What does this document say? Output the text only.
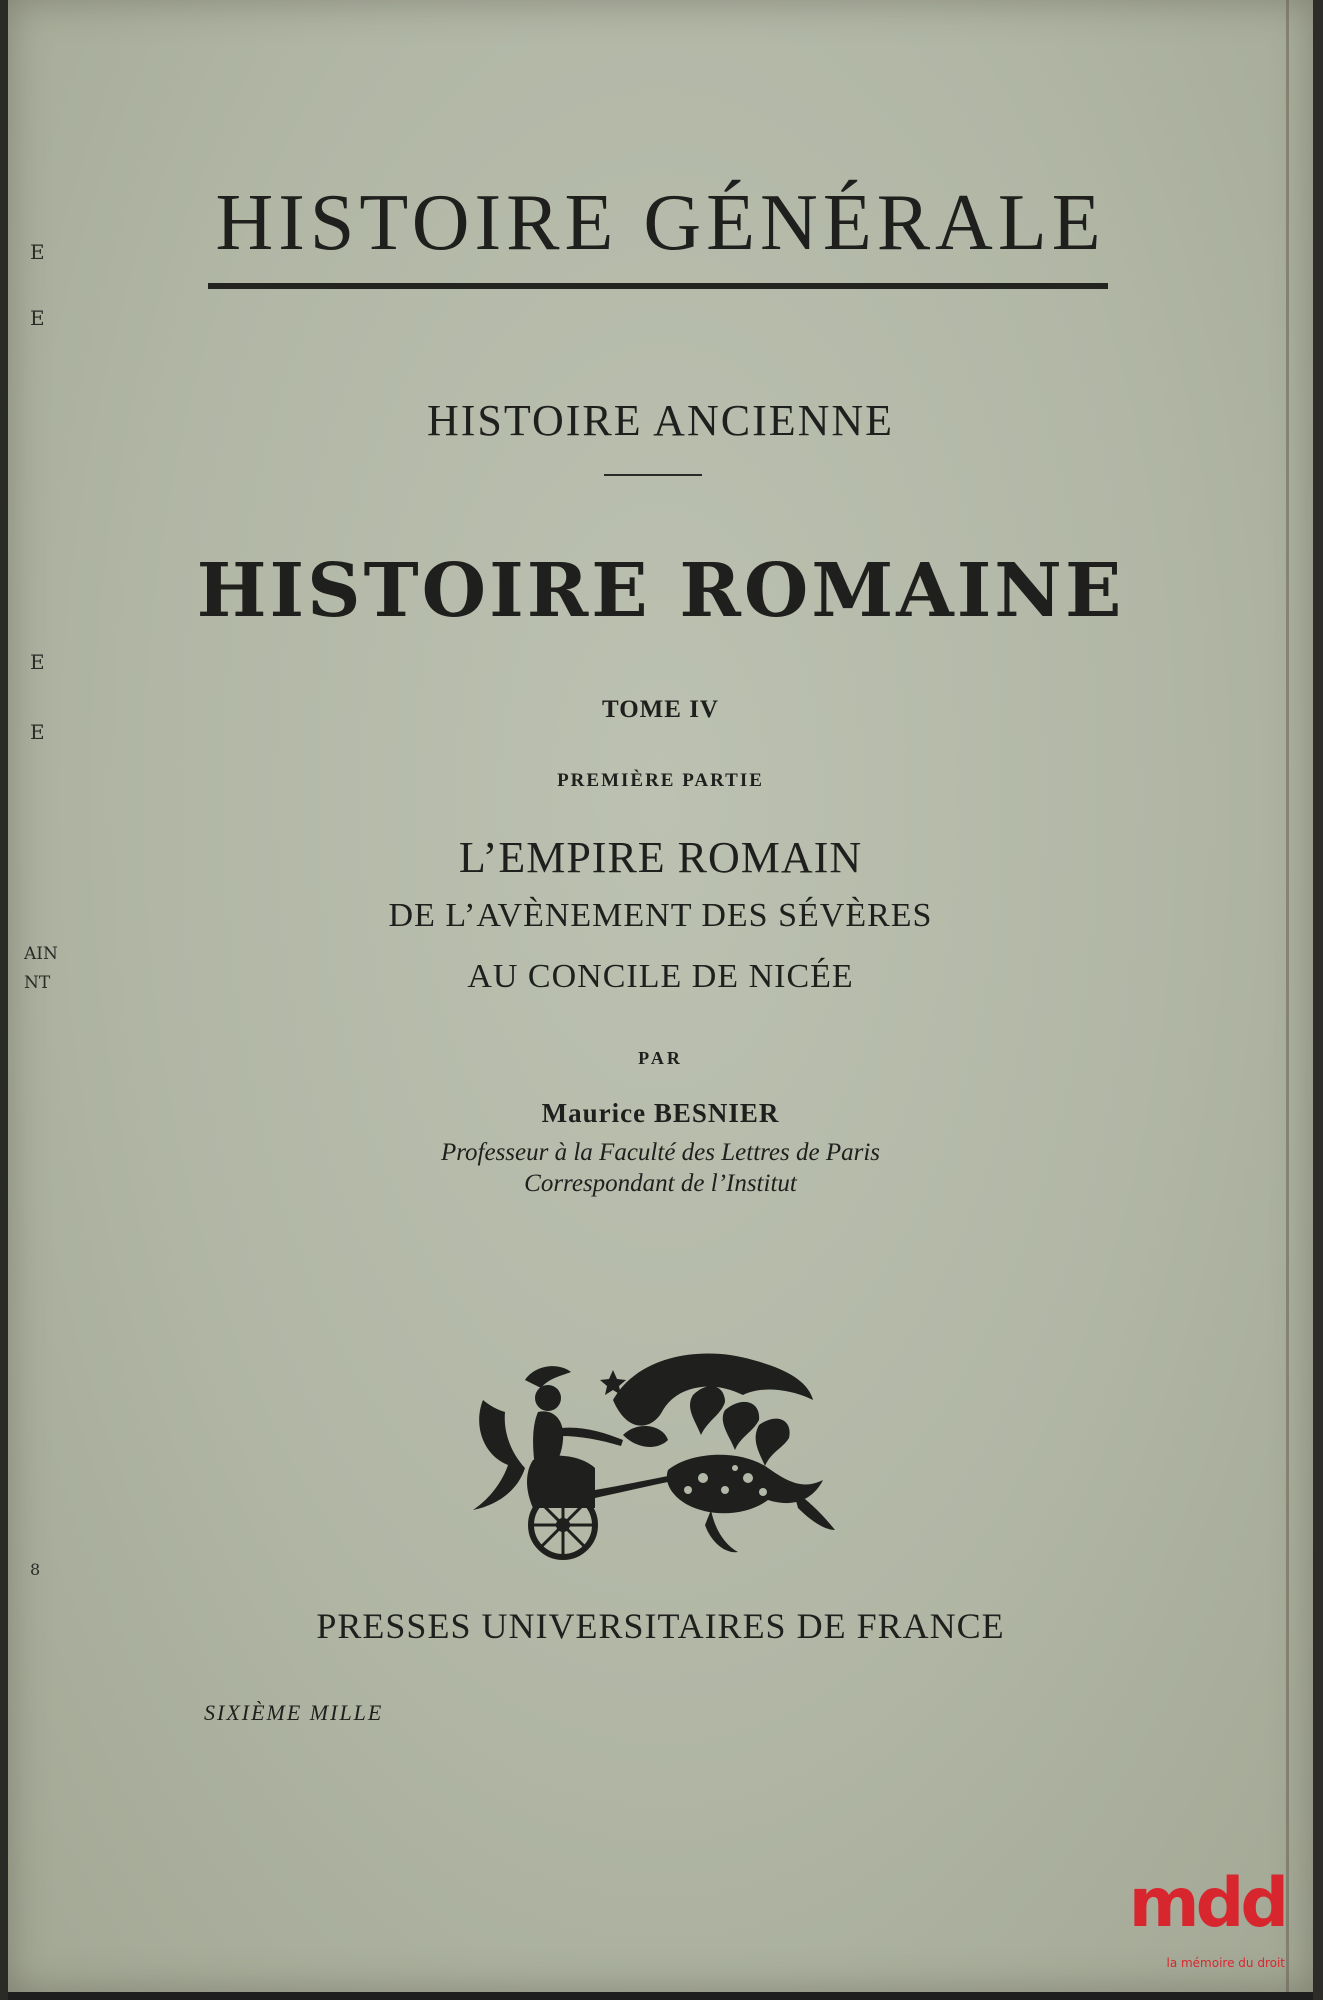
E
E
E
E
AIN
NT
8
HISTOIRE GÉNÉRALE
HISTOIRE ANCIENNE
HISTOIRE ROMAINE
TOME IV
PREMIÈRE PARTIE
L’EMPIRE ROMAIN
DE L’AVÈNEMENT DES SÉVÈRES
AU CONCILE DE NICÉE
PAR
Maurice BESNIER
Professeur à la Faculté des Lettres de Paris
Correspondant de l’Institut
PRESSES UNIVERSITAIRES DE FRANCE
SIXIÈME MILLE
mdd
la mémoire du droit
